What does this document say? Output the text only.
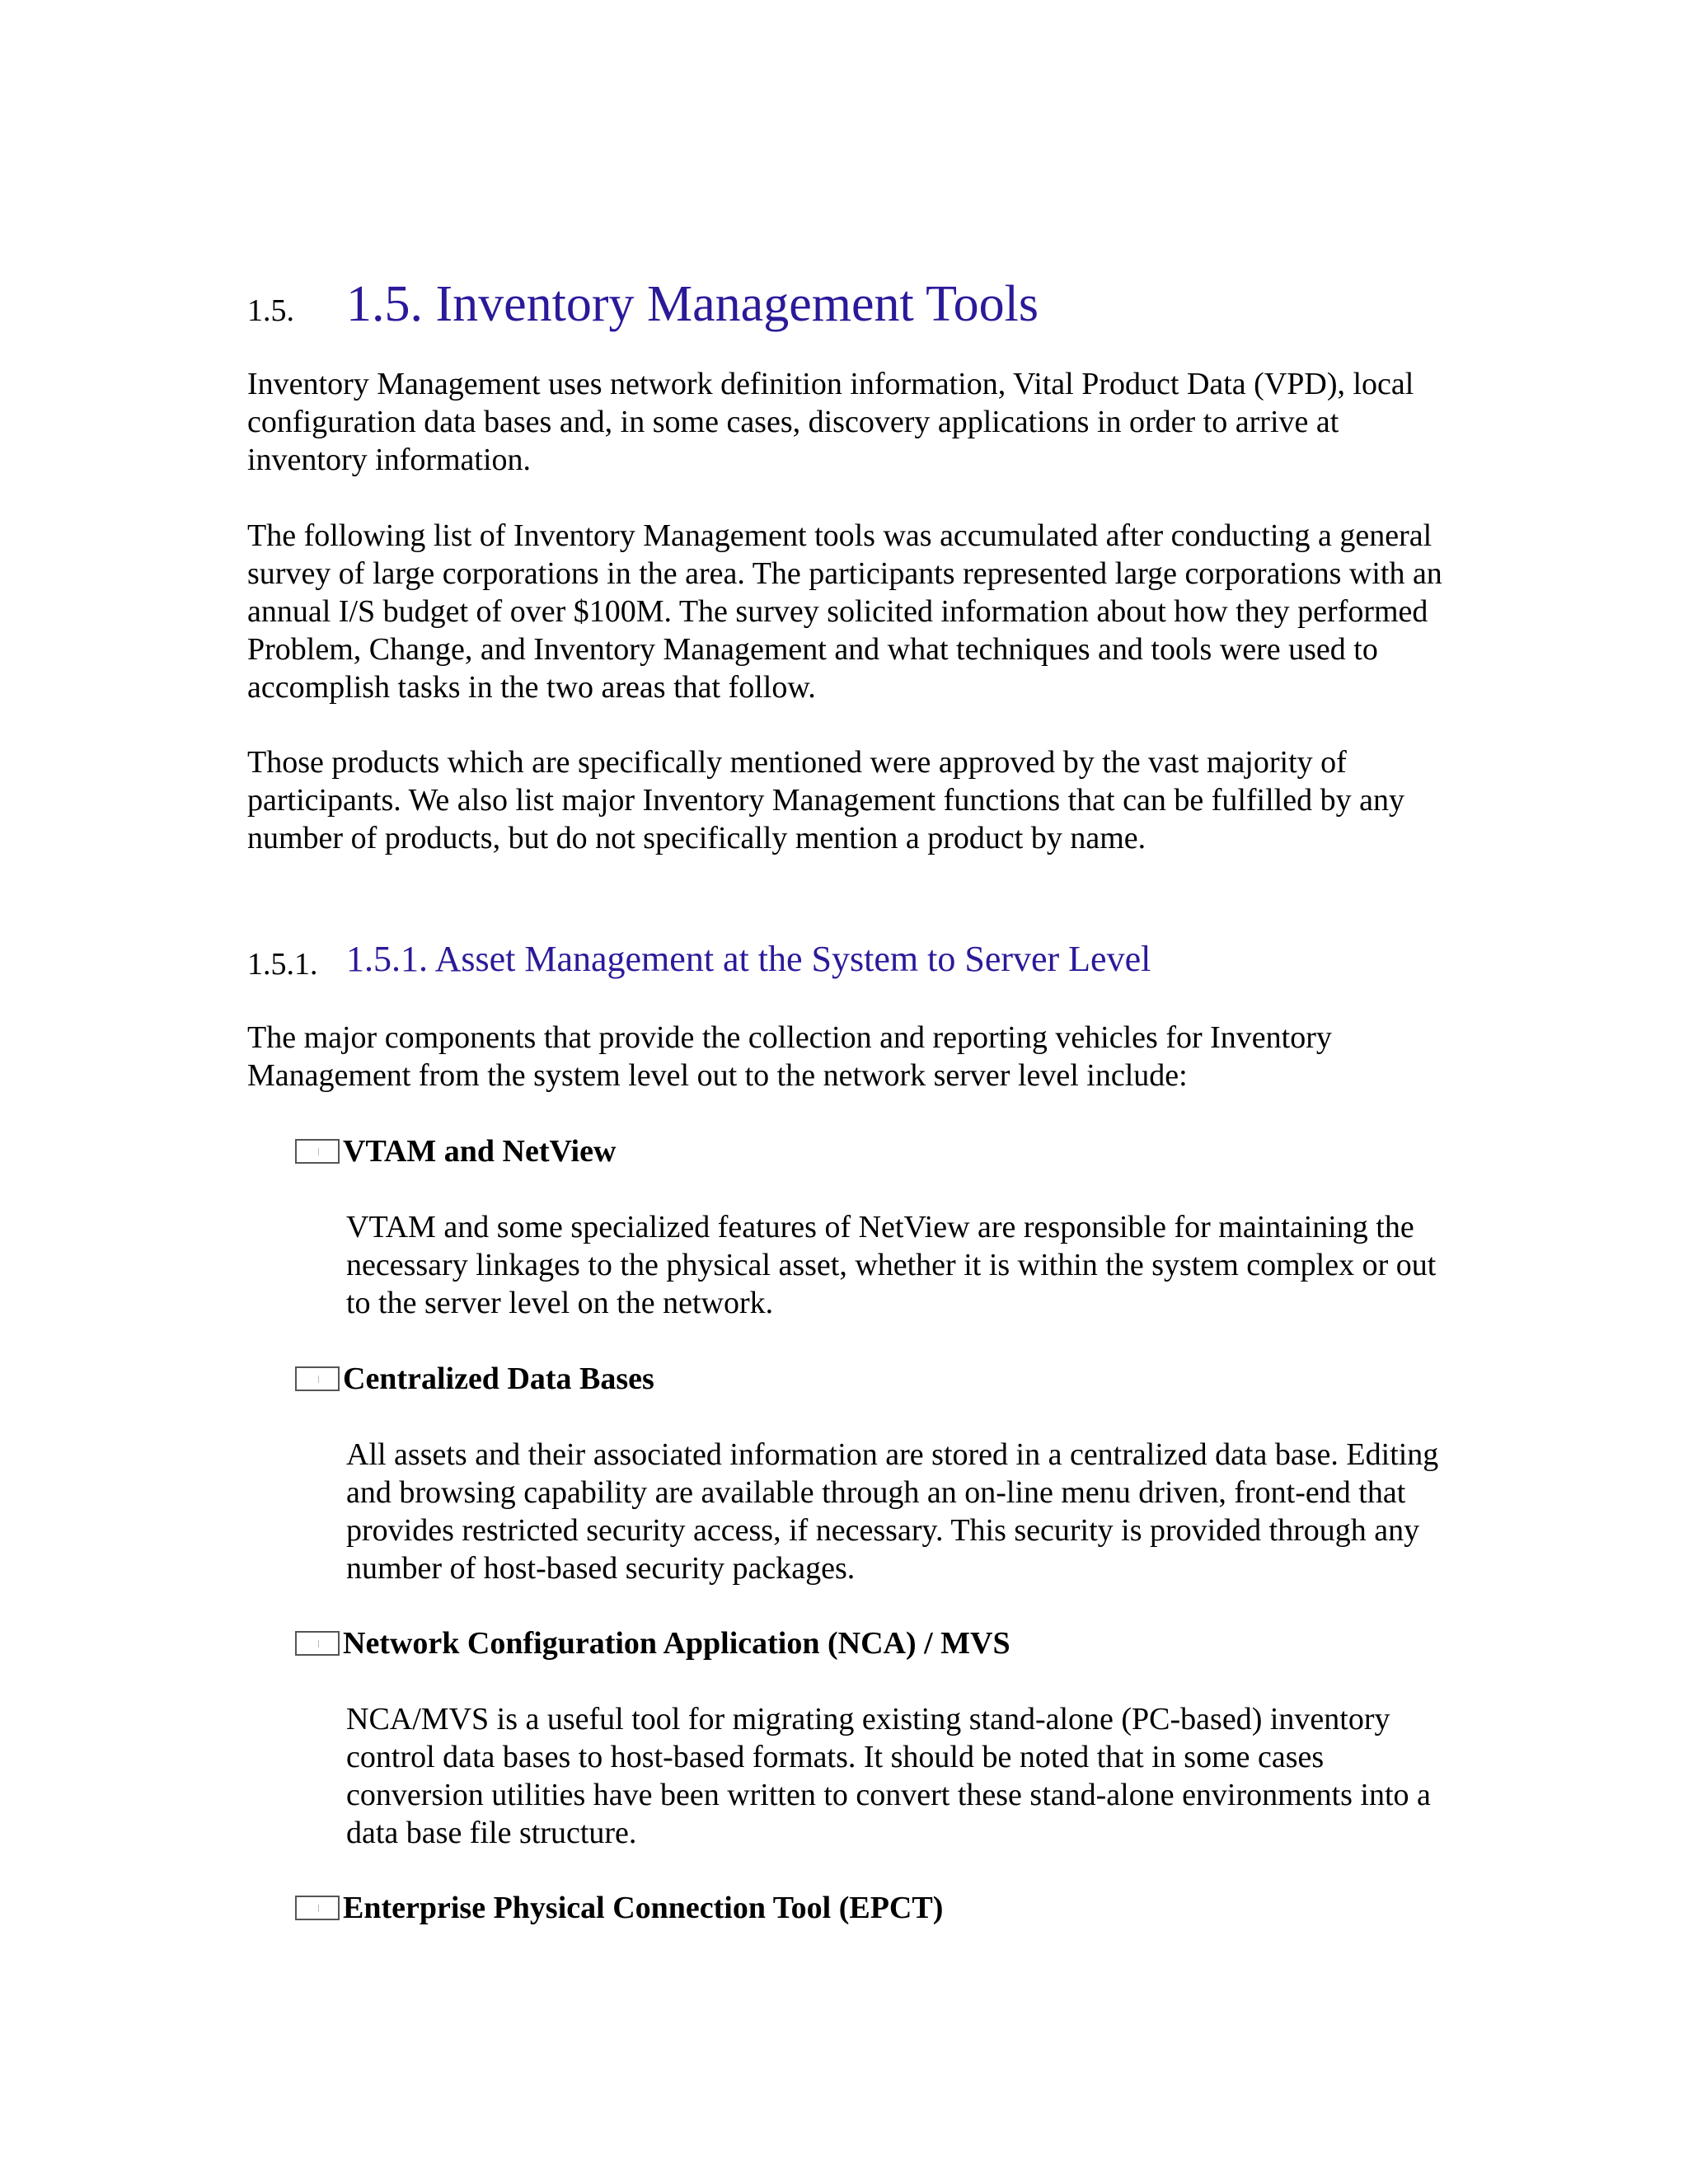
1.5. 1.5. Inventory Management Tools

Inventory Management uses network definition information, Vital Product Data (VPD), local configuration data bases and, in some cases, discovery applications in order to arrive at inventory information.

The following list of Inventory Management tools was accumulated after conducting a general survey of large corporations in the area. The participants represented large corporations with an annual I/S budget of over $100M. The survey solicited information about how they performed Problem, Change, and Inventory Management and what techniques and tools were used to accomplish tasks in the two areas that follow.

Those products which are specifically mentioned were approved by the vast majority of participants. We also list major Inventory Management functions that can be fulfilled by any number of products, but do not specifically mention a product by name.

1.5.1. 1.5.1. Asset Management at the System to Server Level

The major components that provide the collection and reporting vehicles for Inventory Management from the system level out to the network server level include:

VTAM and NetView

VTAM and some specialized features of NetView are responsible for maintaining the necessary linkages to the physical asset, whether it is within the system complex or out to the server level on the network.

Centralized Data Bases

All assets and their associated information are stored in a centralized data base. Editing and browsing capability are available through an on-line menu driven, front-end that provides restricted security access, if necessary. This security is provided through any number of host-based security packages.

Network Configuration Application (NCA) / MVS

NCA/MVS is a useful tool for migrating existing stand-alone (PC-based) inventory control data bases to host-based formats. It should be noted that in some cases conversion utilities have been written to convert these stand-alone environments into a data base file structure.

Enterprise Physical Connection Tool (EPCT)
